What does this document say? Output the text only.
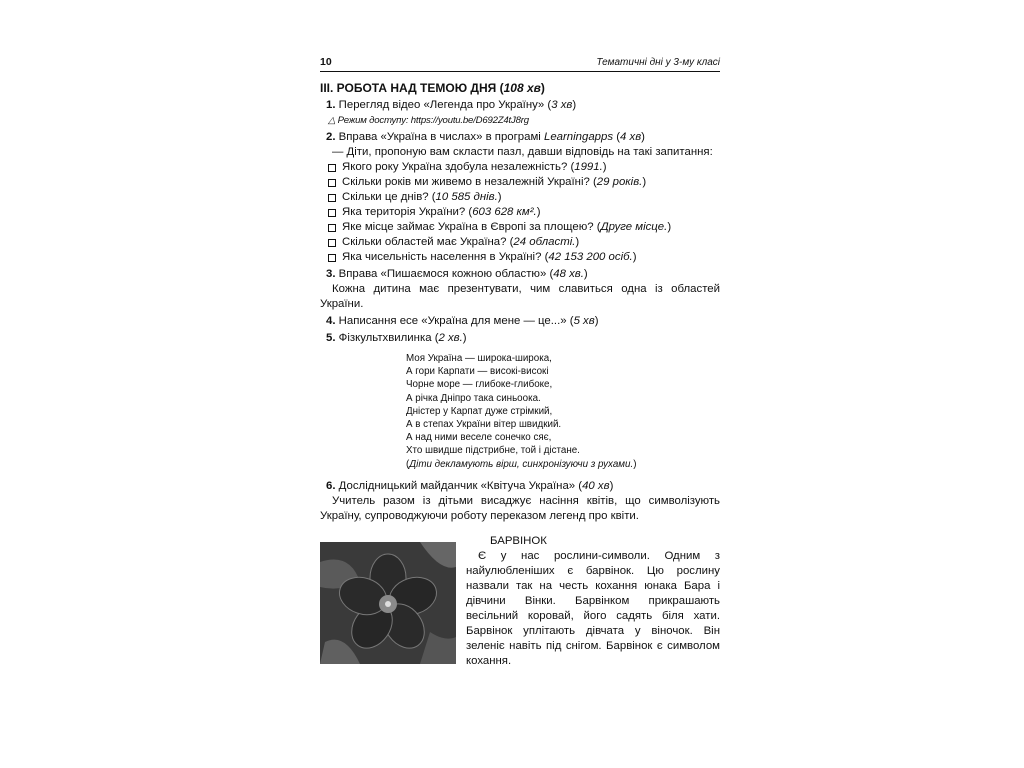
10	Тематичні дні у 3-му класі
III. РОБОТА НАД ТЕМОЮ ДНЯ (108 хв)
1. Перегляд відео «Легенда про Україну» (3 хв)
△ Режим доступу: https://youtu.be/D692Z4tJ8rg
2. Вправа «Україна в числах» в програмі Learningapps (4 хв)
— Діти, пропоную вам скласти пазл, давши відповідь на такі запитання:
Якого року Україна здобула незалежність? (1991.)
Скільки років ми живемо в незалежній Україні? (29 років.)
Скільки це днів? (10 585 днів.)
Яка територія України? (603 628 км².)
Яке місце займає Україна в Європі за площею? (Друге місце.)
Скільки областей має Україна? (24 області.)
Яка чисельність населення в Україні? (42 153 200 осіб.)
3. Вправа «Пишаємося кожною областю» (48 хв.)
Кожна дитина має презентувати, чим славиться одна із областей України.
4. Написання есе «Україна для мене — це...» (5 хв)
5. Фізкультхвилинка (2 хв.)
Моя Україна — широка-широка,
А гори Карпати — високі-високі
Чорне море — глибоке-глибоке,
А річка Дніпро така синьоока.
Дністер у Карпат дуже стрімкий,
А в степах України вітер швидкий.
А над ними веселе сонечко сяє,
Хто швидше підстрибне, той і дістане.
(Діти декламують вірш, синхронізуючи з рухами.)
6. Дослідницький майданчик «Квітуча Україна» (40 хв)
Учитель разом із дітьми висаджує насіння квітів, що символізують Україну, супроводжуючи роботу переказом легенд про квіти.
БАРВІНОК
Є у нас рослини-символи. Одним з найулюбленіших є барвінок. Цю рослину назвали так на честь кохання юнака Бара і дівчини Вінки. Барвінком прикрашають весільний коровай, його садять біля хати. Барвінок уплітають дівчата у віночок. Він зеленіє навіть під снігом. Барвінок є символом кохання.
